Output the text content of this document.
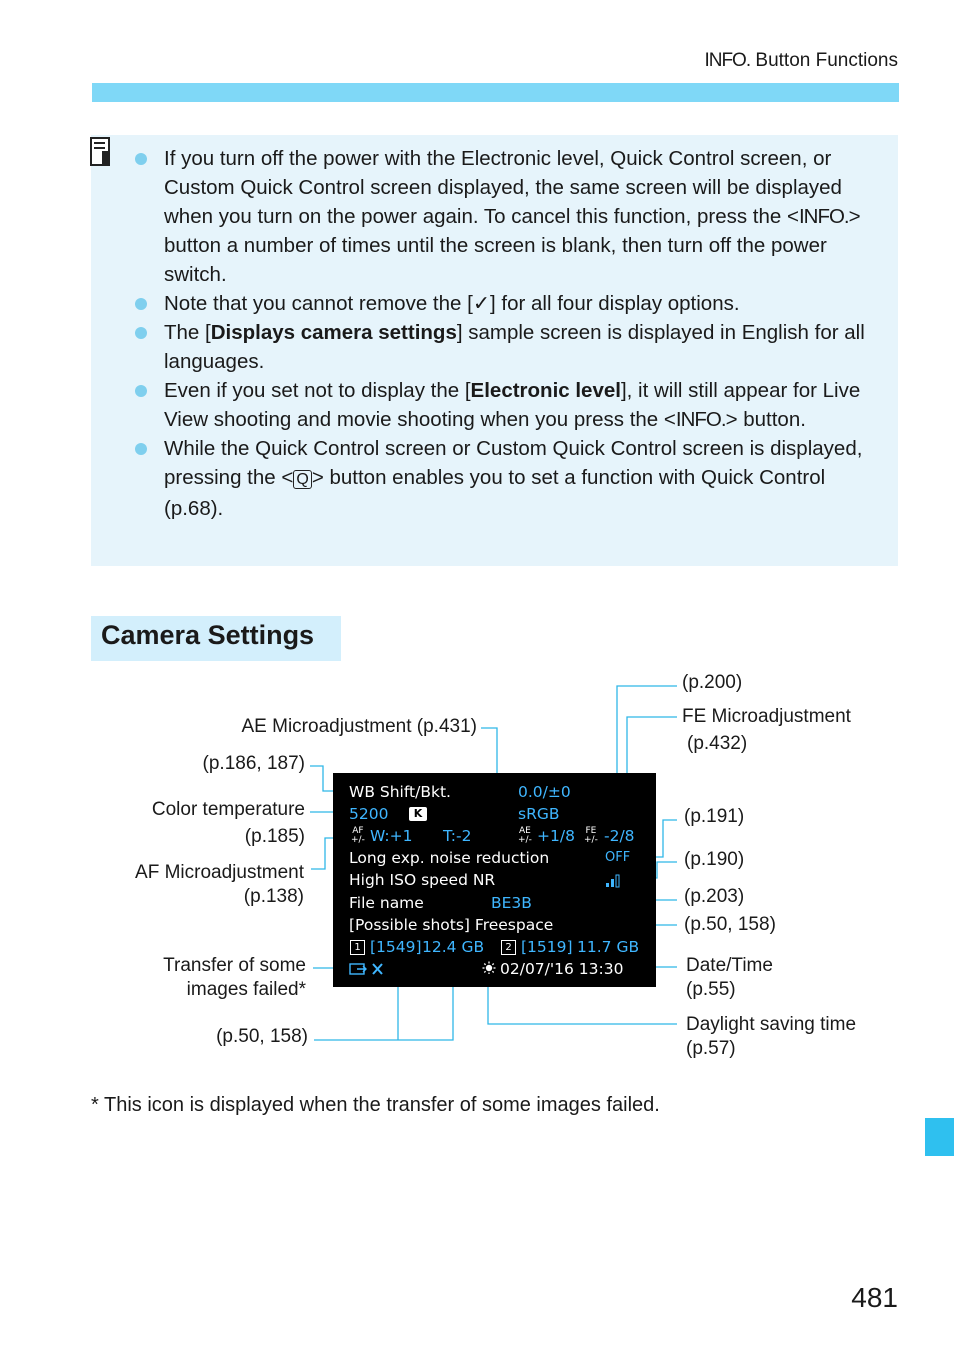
INFO. Button Functions
If you turn off the power with the Electronic level, Quick Control screen, or Custom Quick Control screen displayed, the same screen will be displayed when you turn on the power again. To cancel this function, press the <INFO.> button a number of times until the screen is blank, then turn off the power switch.
Note that you cannot remove the [✓] for all four display options.
The [Displays camera settings] sample screen is displayed in English for all languages.
Even if you set not to display the [Electronic level], it will still appear for Live View shooting and movie shooting when you press the <INFO.> button.
While the Quick Control screen or Custom Quick Control screen is displayed, pressing the < Q > button enables you to set a function with Quick Control (p.68).
Camera Settings
AE Microadjustment (p.431)
(p.186, 187)
Color temperature
(p.185)
AF Microadjustment
(p.138)
Transfer of some
images failed*
(p.50, 158)
(p.200)
FE Microadjustment
(p.432)
(p.191)
(p.190)
(p.203)
(p.50, 158)
Date/Time
(p.55)
Daylight saving time
(p.57)
WB Shift/Bkt.	0.0/±0
5200	K	sRGB
AF
+/- W:+1 T:-2	AE
+/- +1/8 FE
+/- -2/8
Long exp. noise reduction	OFF
High ISO speed NR
File name	BE3B
[Possible shots] Freespace
1 [1549] 12.4 GB	2 [1519] 11.7 GB
02/07/'16 13:30
* This icon is displayed when the transfer of some images failed.
481
